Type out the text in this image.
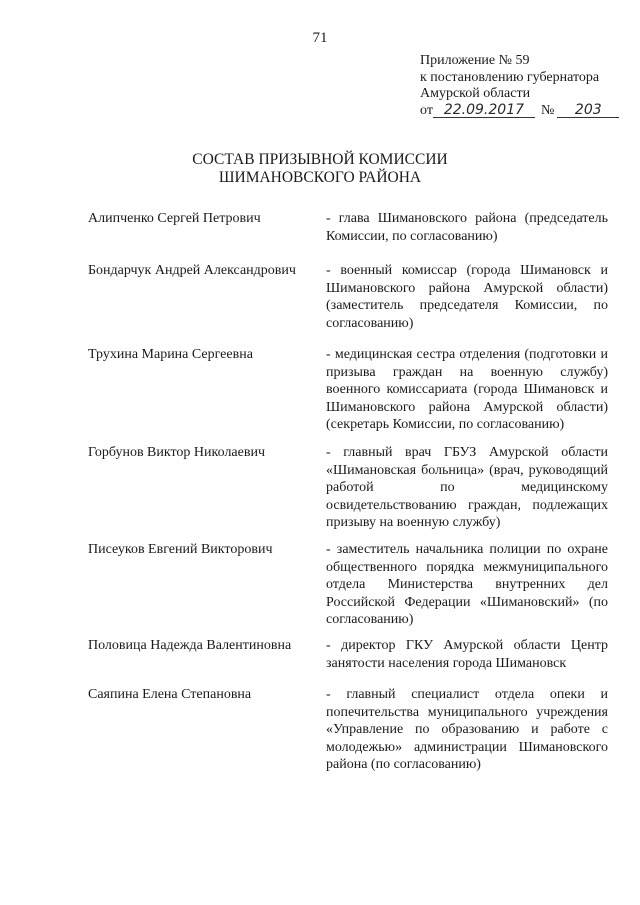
71
Приложение № 59
к постановлению губернатора
Амурской области
от 22.09.2017	№	203
СОСТАВ ПРИЗЫВНОЙ КОМИССИИ
ШИМАНОВСКОГО РАЙОНА
Алипченко Сергей Петрович	- глава Шимановского района (председатель Комиссии, по согласованию)
Бондарчук Андрей Александрович	- военный комиссар (города Шимановск и Шимановского района Амурской области) (заместитель председателя Комиссии, по согласованию)
Трухина Марина Сергеевна	- медицинская сестра отделения (подготовки и призыва граждан на военную службу) военного комиссариата (города Шимановск и Шимановского района Амурской области) (секретарь Комиссии, по согласованию)
Горбунов Виктор Николаевич	- главный врач ГБУЗ Амурской области «Шимановская больница» (врач, руководящий работой по медицинскому освидетельствованию граждан, подлежащих призыву на военную службу)
Писеуков Евгений Викторович	- заместитель начальника полиции по охране общественного порядка межмуниципального отдела Министерства внутренних дел Российской Федерации «Шимановский» (по согласованию)
Половица Надежда Валентиновна	- директор ГКУ Амурской области Центр занятости населения города Шимановск
Саяпина Елена Степановна	- главный специалист отдела опеки и попечительства муниципального учреждения «Управление по образованию и работе с молодежью» администрации Шимановского района (по согласованию)
